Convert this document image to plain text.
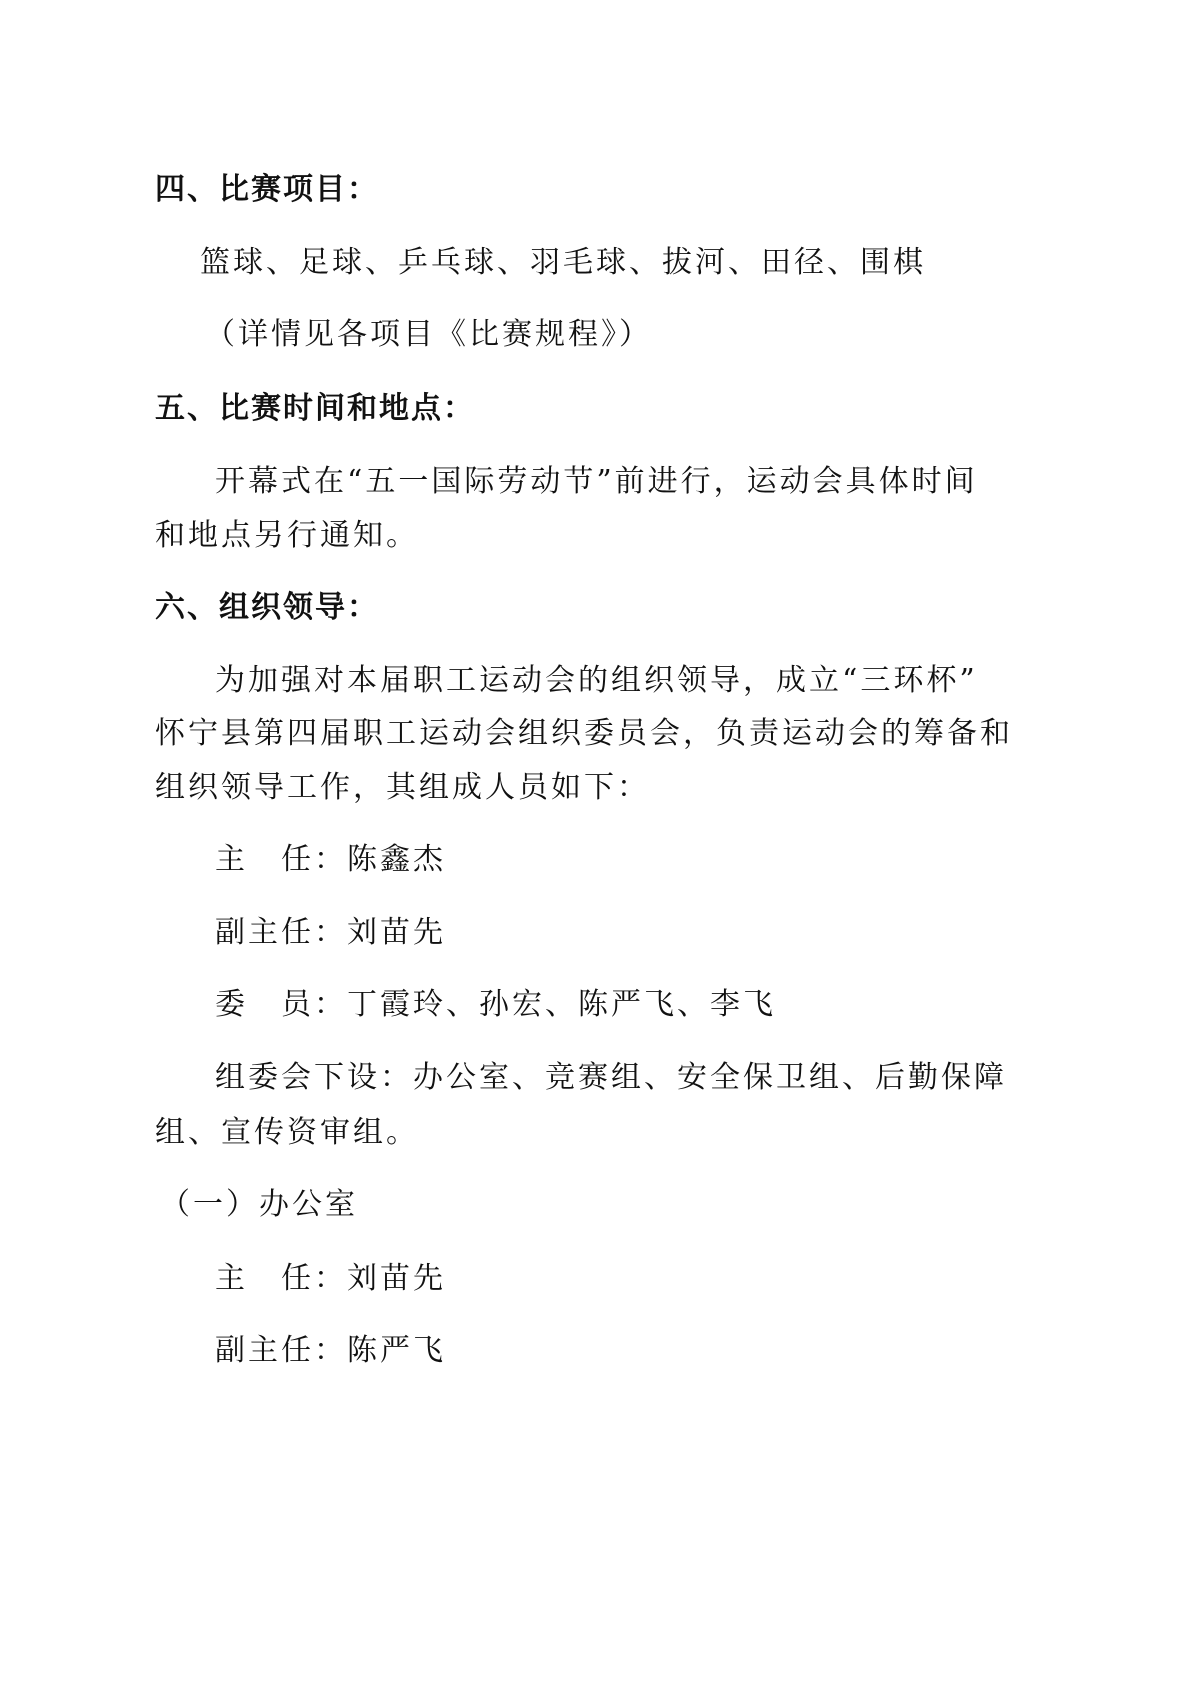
四、比赛项目：
篮球、足球、乒乓球、羽毛球、拔河、田径、围棋
（详情见各项目《比赛规程》）
五、比赛时间和地点：
开幕式在“五一国际劳动节”前进行，运动会具体时间
和地点另行通知。
六、组织领导：
为加强对本届职工运动会的组织领导，成立“三环杯”
怀宁县第四届职工运动会组织委员会，负责运动会的筹备和
组织领导工作，其组成人员如下：
主　任：陈鑫杰
副主任：刘苗先
委　员：丁霞玲、孙宏、陈严飞、李飞
组委会下设：办公室、竞赛组、安全保卫组、后勤保障
组、宣传资审组。
（一）办公室
主　任：刘苗先
副主任：陈严飞
